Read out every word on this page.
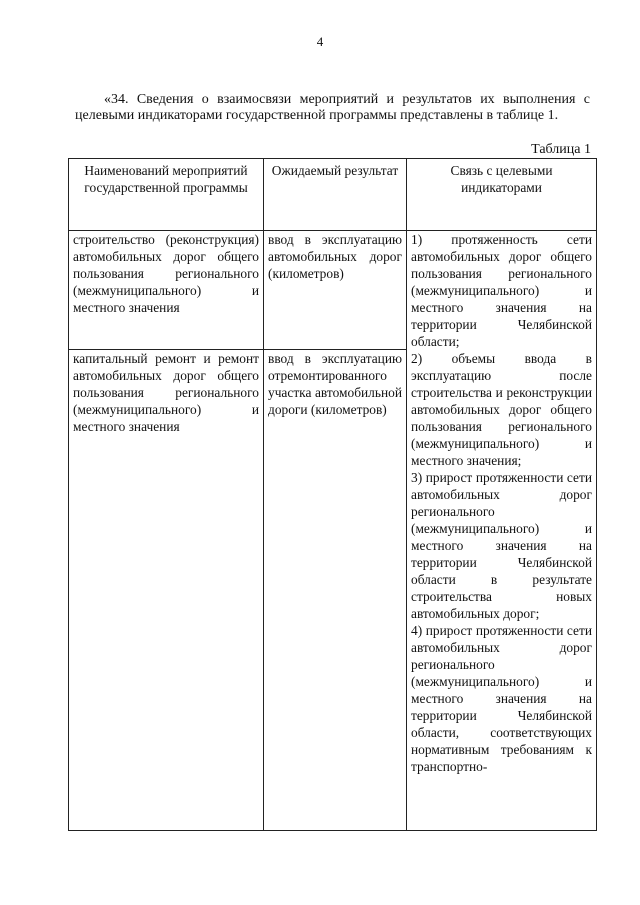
4
«34. Сведения о взаимосвязи мероприятий и результатов их выполнения с целевыми индикаторами государственной программы представлены в таблице 1.
Таблица 1
Наименований мероприятий государственной программы	Ожидаемый результат	Связь с целевыми индикаторами
строительство (реконструкция) автомобильных дорог общего пользования регионального (межмуниципального) и местного значения	ввод в эксплуатацию автомобильных дорог (километров)	1) протяженность сети автомобильных дорог общего пользования регионального (межмуниципального) и местного значения на территории Челябинской области;
2) объемы ввода в эксплуатацию после строительства и реконструкции автомобильных дорог общего пользования регионального (межмуниципального) и местного значения;
3) прирост протяженности сети автомобильных дорог регионального (межмуниципального) и местного значения на территории Челябинской области в результате строительства новых автомобильных дорог;
4) прирост протяженности сети автомобильных дорог регионального (межмуниципального) и местного значения на территории Челябинской области, соответствующих нормативным требованиям к транспортно-

капитальный ремонт и ремонт автомобильных дорог общего пользования регионального (межмуниципального) и местного значения	ввод в эксплуатацию отремонтированного участка автомобильной дороги (километров)	
